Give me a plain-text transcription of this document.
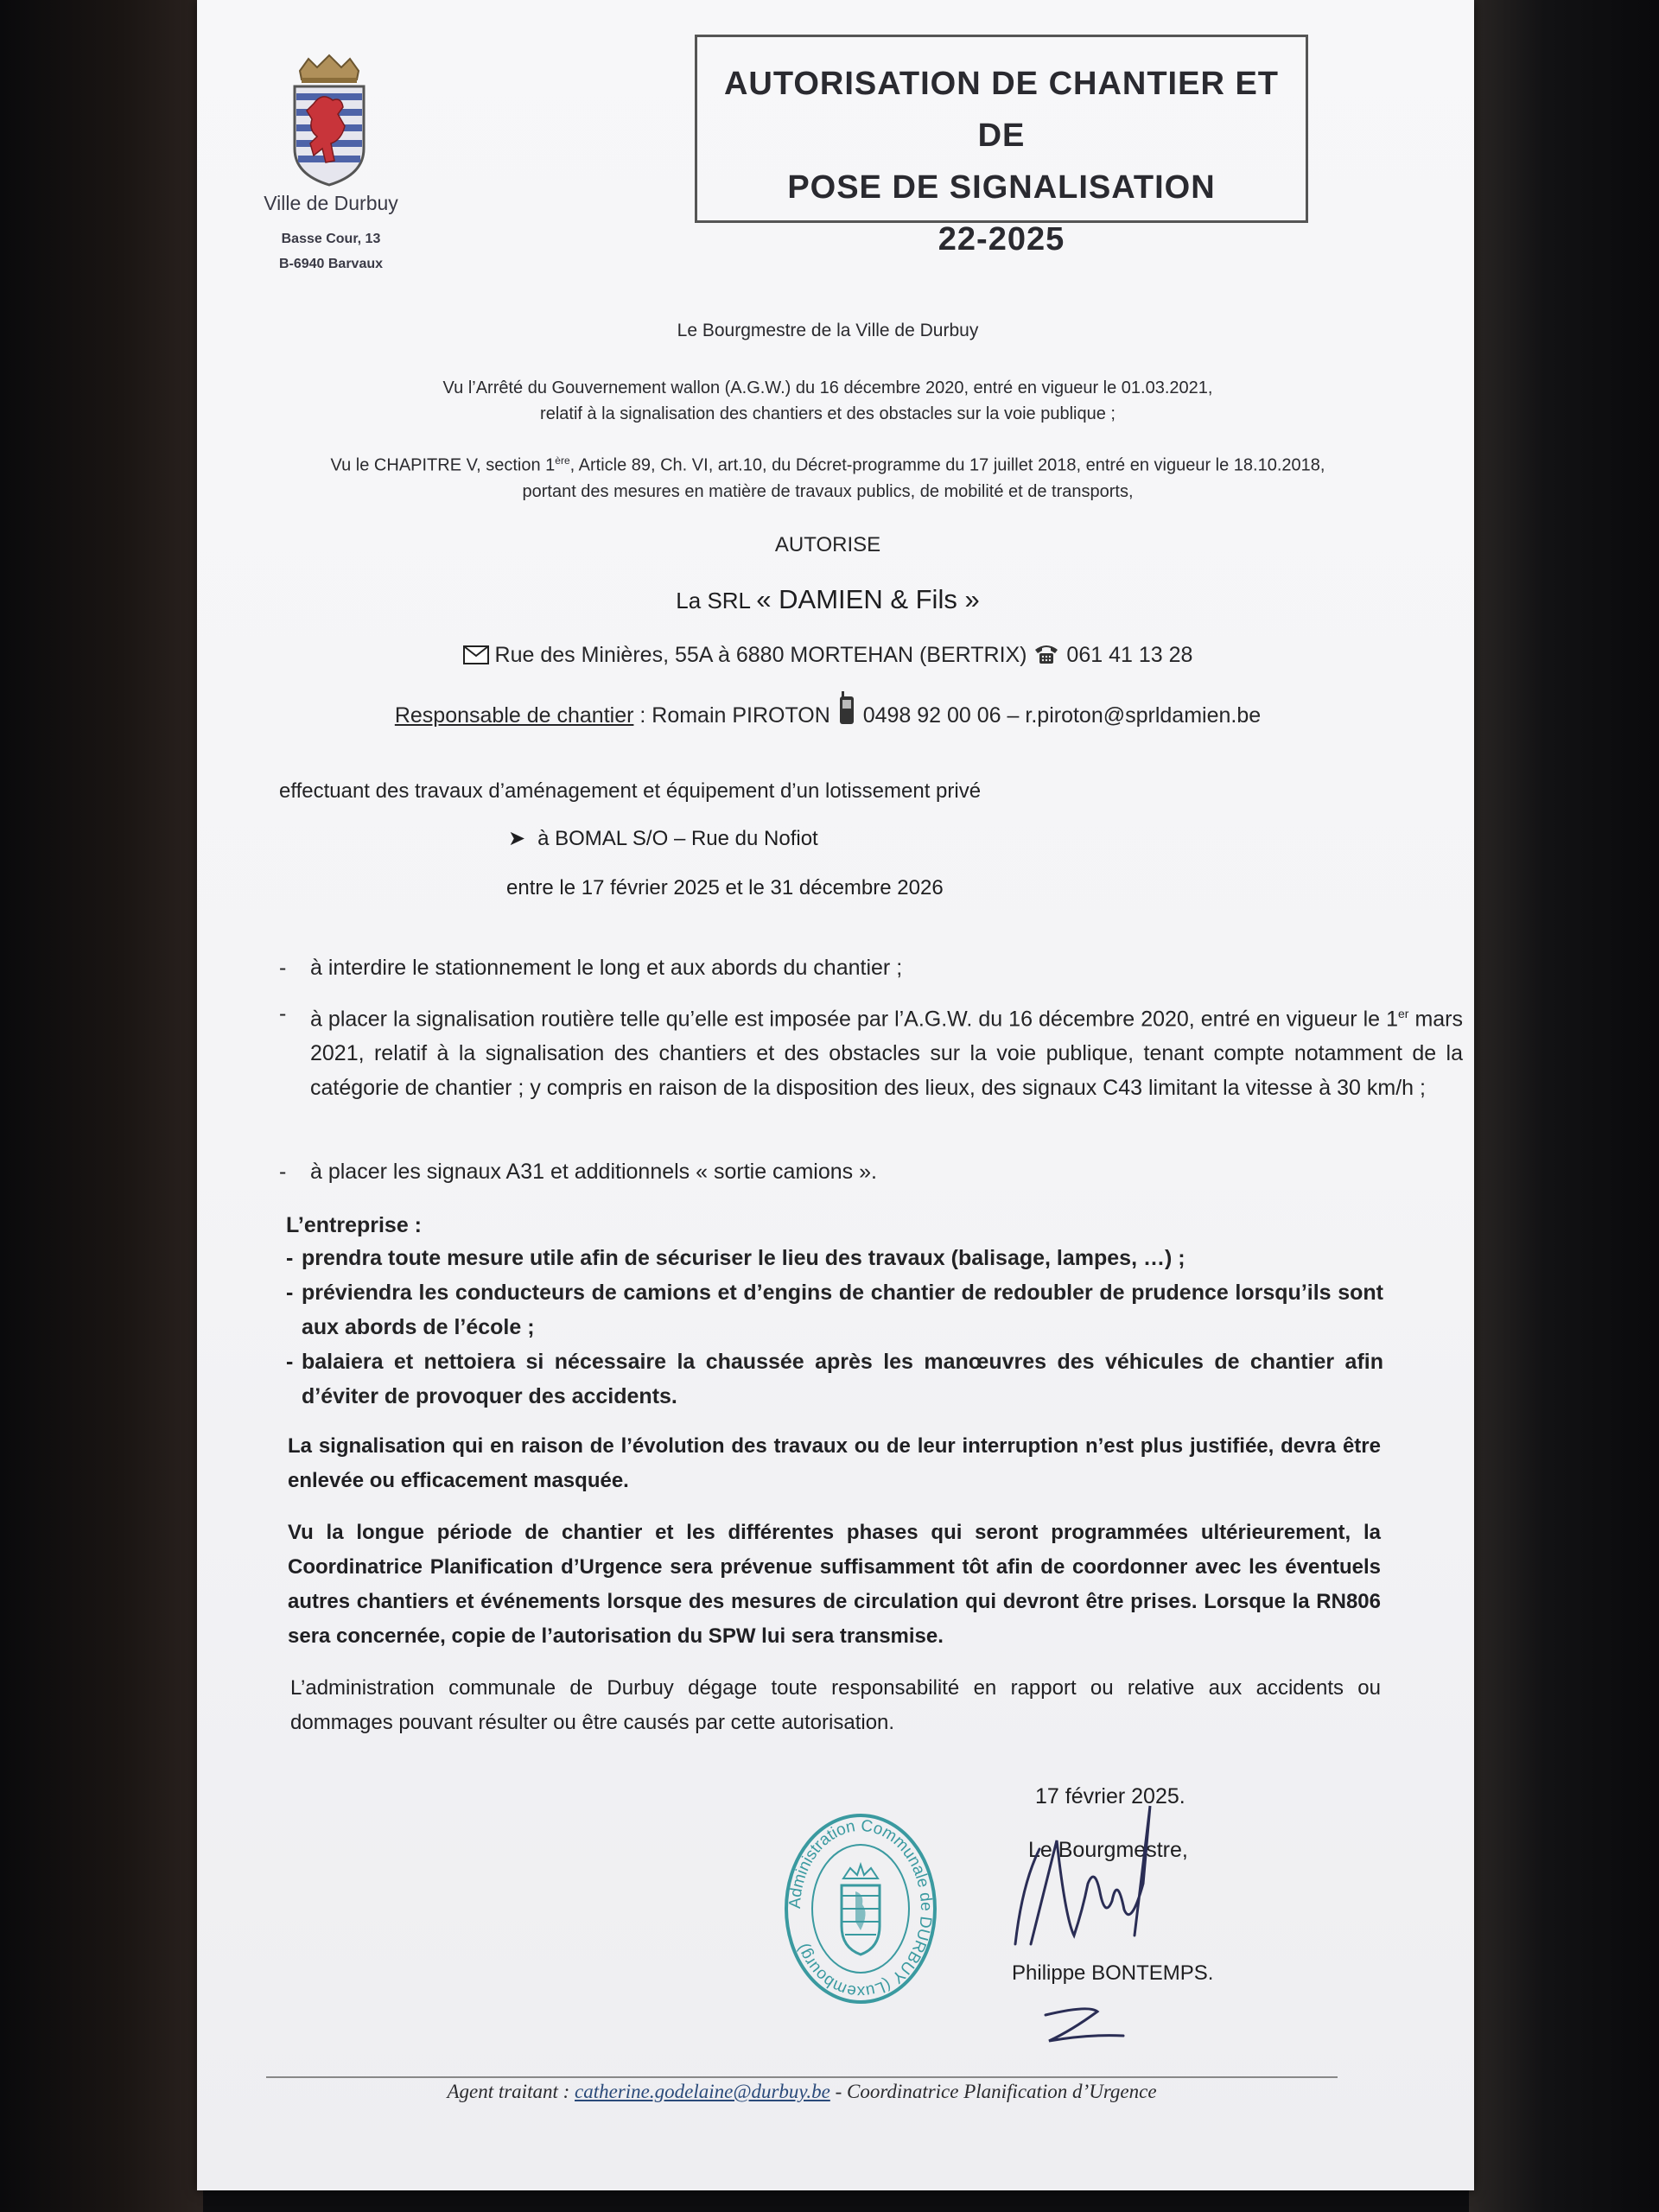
Ville de Durbuy
Basse Cour, 13
B-6940 Barvaux
AUTORISATION DE CHANTIER ET DE
POSE DE SIGNALISATION
22-2025
Le Bourgmestre de la Ville de Durbuy
Vu l’Arrêté du Gouvernement wallon (A.G.W.) du 16 décembre 2020, entré en vigueur le 01.03.2021,
relatif à la signalisation des chantiers et des obstacles sur la voie publique ;
Vu le CHAPITRE V, section 1ère, Article 89, Ch. VI, art.10, du Décret-programme du 17 juillet 2018, entré en vigueur le 18.10.2018,
portant des mesures en matière de travaux publics, de mobilité et de transports,
AUTORISE
La SRL « DAMIEN & Fils »
Rue des Minières, 55A à 6880 MORTEHAN (BERTRIX) 061 41 13 28
Responsable de chantier : Romain PIROTON 0498 92 00 06 – r.piroton@sprldamien.be
effectuant des travaux d’aménagement et équipement d’un lotissement privé
➤ à BOMAL S/O – Rue du Nofiot
entre le 17 février 2025 et le 31 décembre 2026
- à interdire le stationnement le long et aux abords du chantier ;
- à placer la signalisation routière telle qu’elle est imposée par l’A.G.W. du 16 décembre 2020, entré en vigueur le 1er mars 2021, relatif à la signalisation des chantiers et des obstacles sur la voie publique, tenant compte notamment de la catégorie de chantier ; y compris en raison de la disposition des lieux, des signaux C43 limitant la vitesse à 30 km/h ;
- à placer les signaux A31 et additionnels « sortie camions ».
L’entreprise :
- prendra toute mesure utile afin de sécuriser le lieu des travaux (balisage, lampes, …) ;
- préviendra les conducteurs de camions et d’engins de chantier de redoubler de prudence lorsqu’ils sont aux abords de l’école ;
- balaiera et nettoiera si nécessaire la chaussée après les manœuvres des véhicules de chantier afin d’éviter de provoquer des accidents.
La signalisation qui en raison de l’évolution des travaux ou de leur interruption n’est plus justifiée, devra être enlevée ou efficacement masquée.
Vu la longue période de chantier et les différentes phases qui seront programmées ultérieurement, la Coordinatrice Planification d’Urgence sera prévenue suffisamment tôt afin de coordonner avec les éventuels autres chantiers et événements lorsque des mesures de circulation qui devront être prises. Lorsque la RN806 sera concernée, copie de l’autorisation du SPW lui sera transmise.
L’administration communale de Durbuy dégage toute responsabilité en rapport ou relative aux accidents ou dommages pouvant résulter ou être causés par cette autorisation.
Administration Communale de DURBUY (Luxembourg)
17 février 2025.
Le Bourgmestre,
Philippe BONTEMPS.
Agent traitant : catherine.godelaine@durbuy.be - Coordinatrice Planification d’Urgence
